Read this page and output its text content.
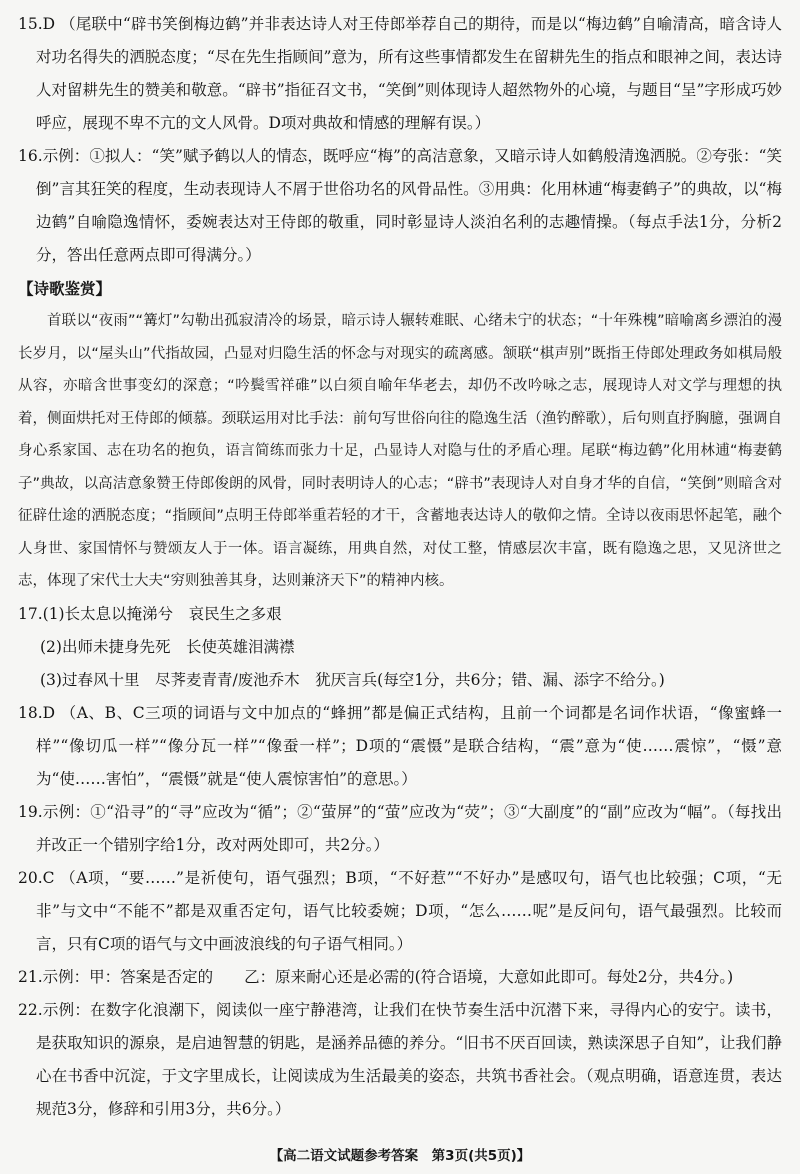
15.D （尾联中“辟书笑倒梅边鹤”并非表达诗人对王侍郎举荐自己的期待，而是以“梅边鹤”自喻清高，暗含诗人对功名得失的洒脱态度；“尽在先生指顾间”意为，所有这些事情都发生在留耕先生的指点和眼神之间，表达诗人对留耕先生的赞美和敬意。“辟书”指征召文书，“笑倒”则体现诗人超然物外的心境，与题目“呈”字形成巧妙呼应，展现不卑不亢的文人风骨。D项对典故和情感的理解有误。）

16.示例：①拟人：“笑”赋予鹤以人的情态，既呼应“梅”的高洁意象，又暗示诗人如鹤般清逸洒脱。②夸张：“笑倒”言其狂笑的程度，生动表现诗人不屑于世俗功名的风骨品性。③用典：化用林逋“梅妻鹤子”的典故，以“梅边鹤”自喻隐逸情怀，委婉表达对王侍郎的敬重，同时彰显诗人淡泊名利的志趣情操。（每点手法1分，分析2分，答出任意两点即可得满分。）

【诗歌鉴赏】

首联以“夜雨”“篝灯”勾勒出孤寂清冷的场景，暗示诗人辗转难眠、心绪未宁的状态；“十年殊槐”暗喻离乡漂泊的漫长岁月，以“屋头山”代指故园，凸显对归隐生活的怀念与对现实的疏离感。颔联“棋声别”既指王侍郎处理政务如棋局般从容，亦暗含世事变幻的深意；“吟鬓雪祥碓”以白须自喻年华老去，却仍不改吟咏之志，展现诗人对文学与理想的执着，侧面烘托对王侍郎的倾慕。颈联运用对比手法：前句写世俗向往的隐逸生活（渔钓醉歌），后句则直抒胸臆，强调自身心系家国、志在功名的抱负，语言简练而张力十足，凸显诗人对隐与仕的矛盾心理。尾联“梅边鹤”化用林逋“梅妻鹤子”典故，以高洁意象赞王侍郎俊朗的风骨，同时表明诗人的心志；“辟书”表现诗人对自身才华的自信，“笑倒”则暗含对征辟仕途的洒脱态度；“指顾间”点明王侍郎举重若轻的才干，含蓄地表达诗人的敬仰之情。全诗以夜雨思怀起笔，融个人身世、家国情怀与赞颂友人于一体。语言凝练，用典自然，对仗工整，情感层次丰富，既有隐逸之思，又见济世之志，体现了宋代士大夫“穷则独善其身，达则兼济天下”的精神内核。

17.(1)长太息以掩涕兮　哀民生之多艰

(2)出师未捷身先死　长使英雄泪满襟

(3)过春风十里　尽荠麦青青/废池乔木　犹厌言兵(每空1分，共6分；错、漏、添字不给分。)

18.D （A、B、C三项的词语与文中加点的“蜂拥”都是偏正式结构，且前一个词都是名词作状语，“像蜜蜂一样”“像切瓜一样”“像分瓦一样”“像蚕一样”；D项的“震慑”是联合结构，“震”意为“使……震惊”，“慑”意为“使……害怕”，“震慑”就是“使人震惊害怕”的意思。）

19.示例：①“沿寻”的“寻”应改为“循”；②“萤屏”的“萤”应改为“荧”；③“大副度”的“副”应改为“幅”。（每找出并改正一个错别字给1分，改对两处即可，共2分。）

20.C （A项，“要……”是祈使句，语气强烈；B项，“不好惹”“不好办”是感叹句，语气也比较强；C项，“无非”与文中“不能不”都是双重否定句，语气比较委婉；D项，“怎么……呢”是反问句，语气最强烈。比较而言，只有C项的语气与文中画波浪线的句子语气相同。）

21.示例：甲：答案是否定的　　乙：原来耐心还是必需的(符合语境，大意如此即可。每处2分，共4分。)

22.示例：在数字化浪潮下，阅读似一座宁静港湾，让我们在快节奏生活中沉潜下来，寻得内心的安宁。读书，是获取知识的源泉，是启迪智慧的钥匙，是涵养品德的养分。“旧书不厌百回读，熟读深思子自知”，让我们静心在书香中沉淀，于文字里成长，让阅读成为生活最美的姿态，共筑书香社会。（观点明确，语意连贯，表达规范3分，修辞和引用3分，共6分。）

【高二语文试题参考答案　第3页(共5页)】
